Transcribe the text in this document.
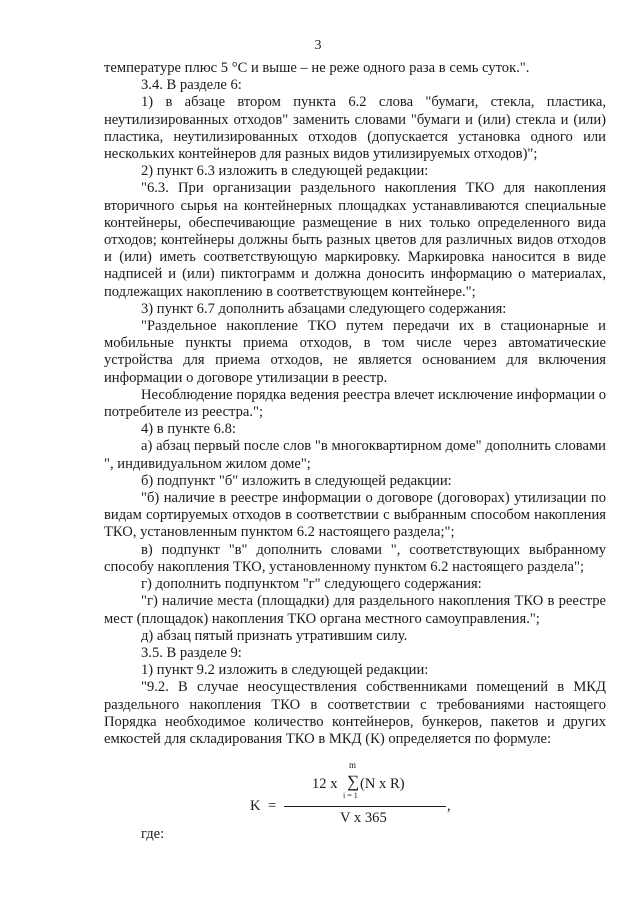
3

температуре плюс 5 °С и выше – не реже одного раза в семь суток.".

3.4. В разделе 6:

1) в абзаце втором пункта 6.2 слова "бумаги, стекла, пластика, неутилизированных отходов" заменить словами "бумаги и (или) стекла и (или) пластика, неутилизированных отходов (допускается установка одного или нескольких контейнеров для разных видов утилизируемых отходов)";

2) пункт 6.3 изложить в следующей редакции:

"6.3. При организации раздельного накопления ТКО для накопления вторичного сырья на контейнерных площадках устанавливаются специальные контейнеры, обеспечивающие размещение в них только определенного вида отходов; контейнеры должны быть разных цветов для различных видов отходов и (или) иметь соответствующую маркировку. Маркировка наносится в виде надписей и (или) пиктограмм и должна доносить информацию о материалах, подлежащих накоплению в соответствующем контейнере.";

3) пункт 6.7 дополнить абзацами следующего содержания:

"Раздельное накопление ТКО путем передачи их в стационарные и мобильные пункты приема отходов, в том числе через автоматические устройства для приема отходов, не является основанием для включения информации о договоре утилизации в реестр.

Несоблюдение порядка ведения реестра влечет исключение информации о потребителе из реестра.";

4) в пункте 6.8:

а) абзац первый после слов "в многоквартирном доме" дополнить словами ", индивидуальном жилом доме";

б) подпункт "б" изложить в следующей редакции:

"б) наличие в реестре информации о договоре (договорах) утилизации по видам сортируемых отходов в соответствии с выбранным способом накопления ТКО, установленным пунктом 6.2 настоящего раздела;";

в) подпункт "в" дополнить словами ", соответствующих выбранному способу накопления ТКО, установленному пунктом 6.2 настоящего раздела";

г) дополнить подпунктом "г" следующего содержания:

"г) наличие места (площадки) для раздельного накопления ТКО в реестре мест (площадок) накопления ТКО органа местного самоуправления.";

д) абзац пятый признать утратившим силу.

3.5. В разделе 9:

1) пункт 9.2 изложить в следующей редакции:

"9.2. В случае неосуществления собственниками помещений в МКД раздельного накопления ТКО в соответствии с требованиями настоящего Порядка необходимое количество контейнеров, бункеров, пакетов и других емкостей для складирования ТКО в МКД (К) определяется по формуле:

12 x
m
∑
i = 1
(N x R)
K =	,
V x 365
где:
